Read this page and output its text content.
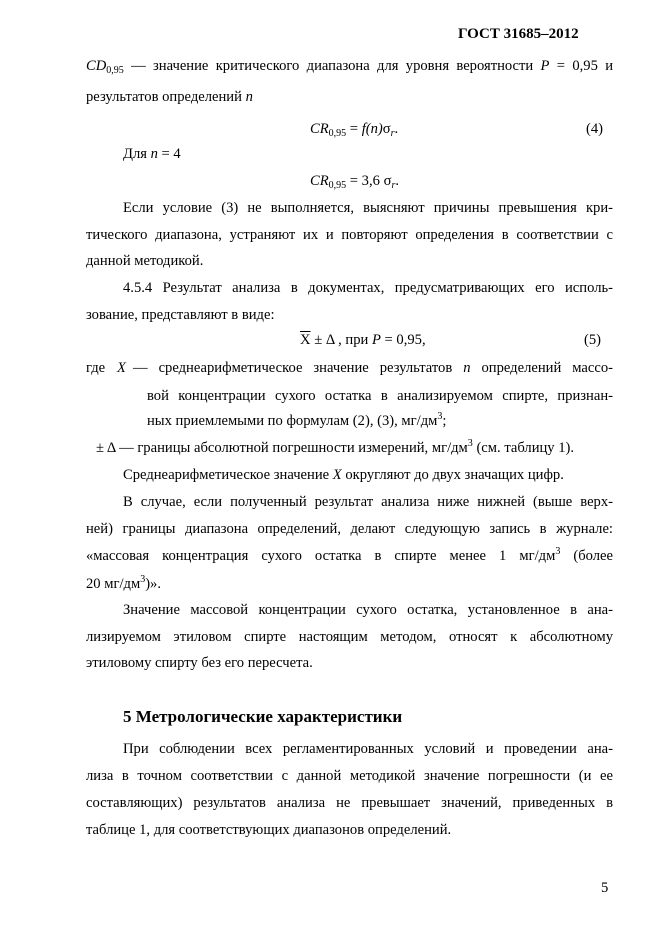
ГОСТ 31685–2012
$CD_{0,95}$ — значение критического диапазона для уровня вероятности P = 0,95 и
результатов определений n
$CR_{0,95} = f(n)\sigma_r$.	(4)
Для n = 4
$CR_{0,95} = 3,6$ $\sigma_r$.
Если условие (3) не выполняется, выясняют причины превышения кри-
тического диапазона, устраняют их и повторяют определения в соответствии с
данной методикой.
4.5.4 Результат анализа в документах, предусматривающих его исполь-
зование, представляют в виде:
$\overline{X} \pm \Delta$ , при P = 0,95,	(5)
где X — среднеарифметическое значение результатов n определений массо-
вой концентрации сухого остатка в анализируемом спирте, признан-
ных приемлемыми по формулам (2), (3), $мг/дм^3$;
± Δ — границы абсолютной погрешности измерений, $мг/дм^3$ (см. таблицу 1).
Среднеарифметическое значение X округляют до двух значащих цифр.
В случае, если полученный результат анализа ниже нижней (выше верх-
ней) границы диапазона определений, делают следующую запись в журнале:
«массовая концентрация сухого остатка в спирте менее 1 $мг/дм^3$ (более
20 $мг/дм^3$)».
Значение массовой концентрации сухого остатка, установленное в ана-
лизируемом этиловом спирте настоящим методом, относят к абсолютному
этиловому спирту без его пересчета.
5 Метрологические характеристики
При соблюдении всех регламентированных условий и проведении ана-
лиза в точном соответствии с данной методикой значение погрешности (и ее
составляющих) результатов анализа не превышает значений, приведенных в
таблице 1, для соответствующих диапазонов определений.
5
